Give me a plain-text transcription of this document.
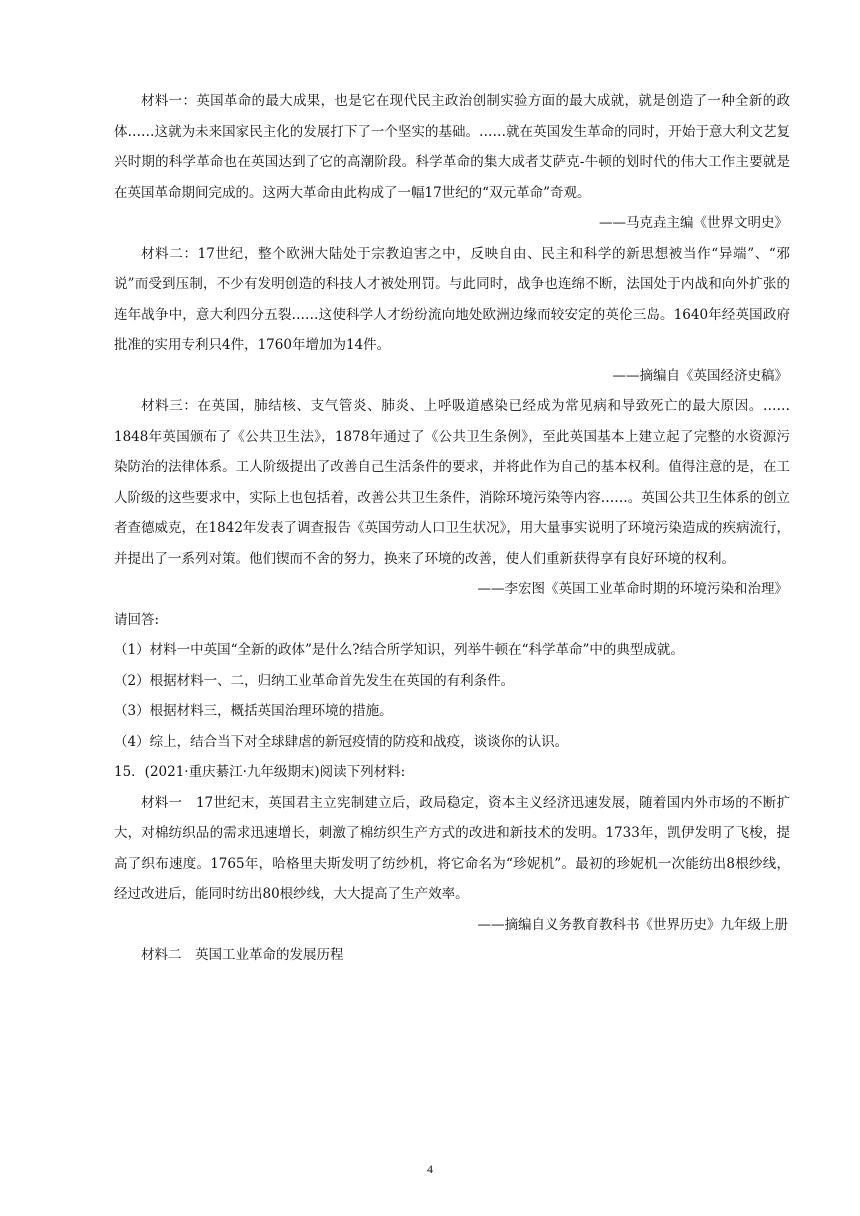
材料一：英国革命的最大成果，也是它在现代民主政治创制实验方面的最大成就，就是创造了一种全新的政体……这就为未来国家民主化的发展打下了一个坚实的基础。……就在英国发生革命的同时，开始于意大利文艺复兴时期的科学革命也在英国达到了它的高潮阶段。科学革命的集大成者艾萨克-牛顿的划时代的伟大工作主要就是在英国革命期间完成的。这两大革命由此构成了一幅17世纪的“双元革命”奇观。

——马克垚主编《世界文明史》

材料二：17世纪，整个欧洲大陆处于宗教迫害之中，反映自由、民主和科学的新思想被当作“异端”、“邪说”而受到压制，不少有发明创造的科技人才被处刑罚。与此同时，战争也连绵不断，法国处于内战和向外扩张的连年战争中，意大利四分五裂……这使科学人才纷纷流向地处欧洲边缘而较安定的英伦三岛。1640年经英国政府批准的实用专利只4件，1760年增加为14件。

——摘编自《英国经济史稿》

材料三：在英国，肺结核、支气管炎、肺炎、上呼吸道感染已经成为常见病和导致死亡的最大原因。……1848年英国颁布了《公共卫生法》，1878年通过了《公共卫生条例》，至此英国基本上建立起了完整的水资源污染防治的法律体系。工人阶级提出了改善自己生活条件的要求，并将此作为自己的基本权利。值得注意的是，在工人阶级的这些要求中，实际上也包括着，改善公共卫生条件，消除环境污染等内容……。英国公共卫生体系的创立者查德威克，在1842年发表了调查报告《英国劳动人口卫生状况》，用大量事实说明了环境污染造成的疾病流行，并提出了一系列对策。他们锲而不舍的努力，换来了环境的改善，使人们重新获得享有良好环境的权利。

——李宏图《英国工业革命时期的环境污染和治理》

请回答:

（1）材料一中英国“全新的政体”是什么?结合所学知识，列举牛顿在“科学革命”中的典型成就。

（2）根据材料一、二，归纳工业革命首先发生在英国的有利条件。

（3）根据材料三，概括英国治理环境的措施。

（4）综上，结合当下对全球肆虐的新冠疫情的防疫和战疫，谈谈你的认识。

15．(2021·重庆綦江·九年级期末)阅读下列材料:

材料一　17世纪末，英国君主立宪制建立后，政局稳定，资本主义经济迅速发展，随着国内外市场的不断扩大，对棉纺织品的需求迅速增长，刺激了棉纺织生产方式的改进和新技术的发明。1733年，凯伊发明了飞梭，提高了织布速度。1765年，哈格里夫斯发明了纺纱机，将它命名为“珍妮机”。最初的珍妮机一次能纺出8根纱线，经过改进后，能同时纺出80根纱线，大大提高了生产效率。

——摘编自义务教育教科书《世界历史》九年级上册

材料二　英国工业革命的发展历程

4
